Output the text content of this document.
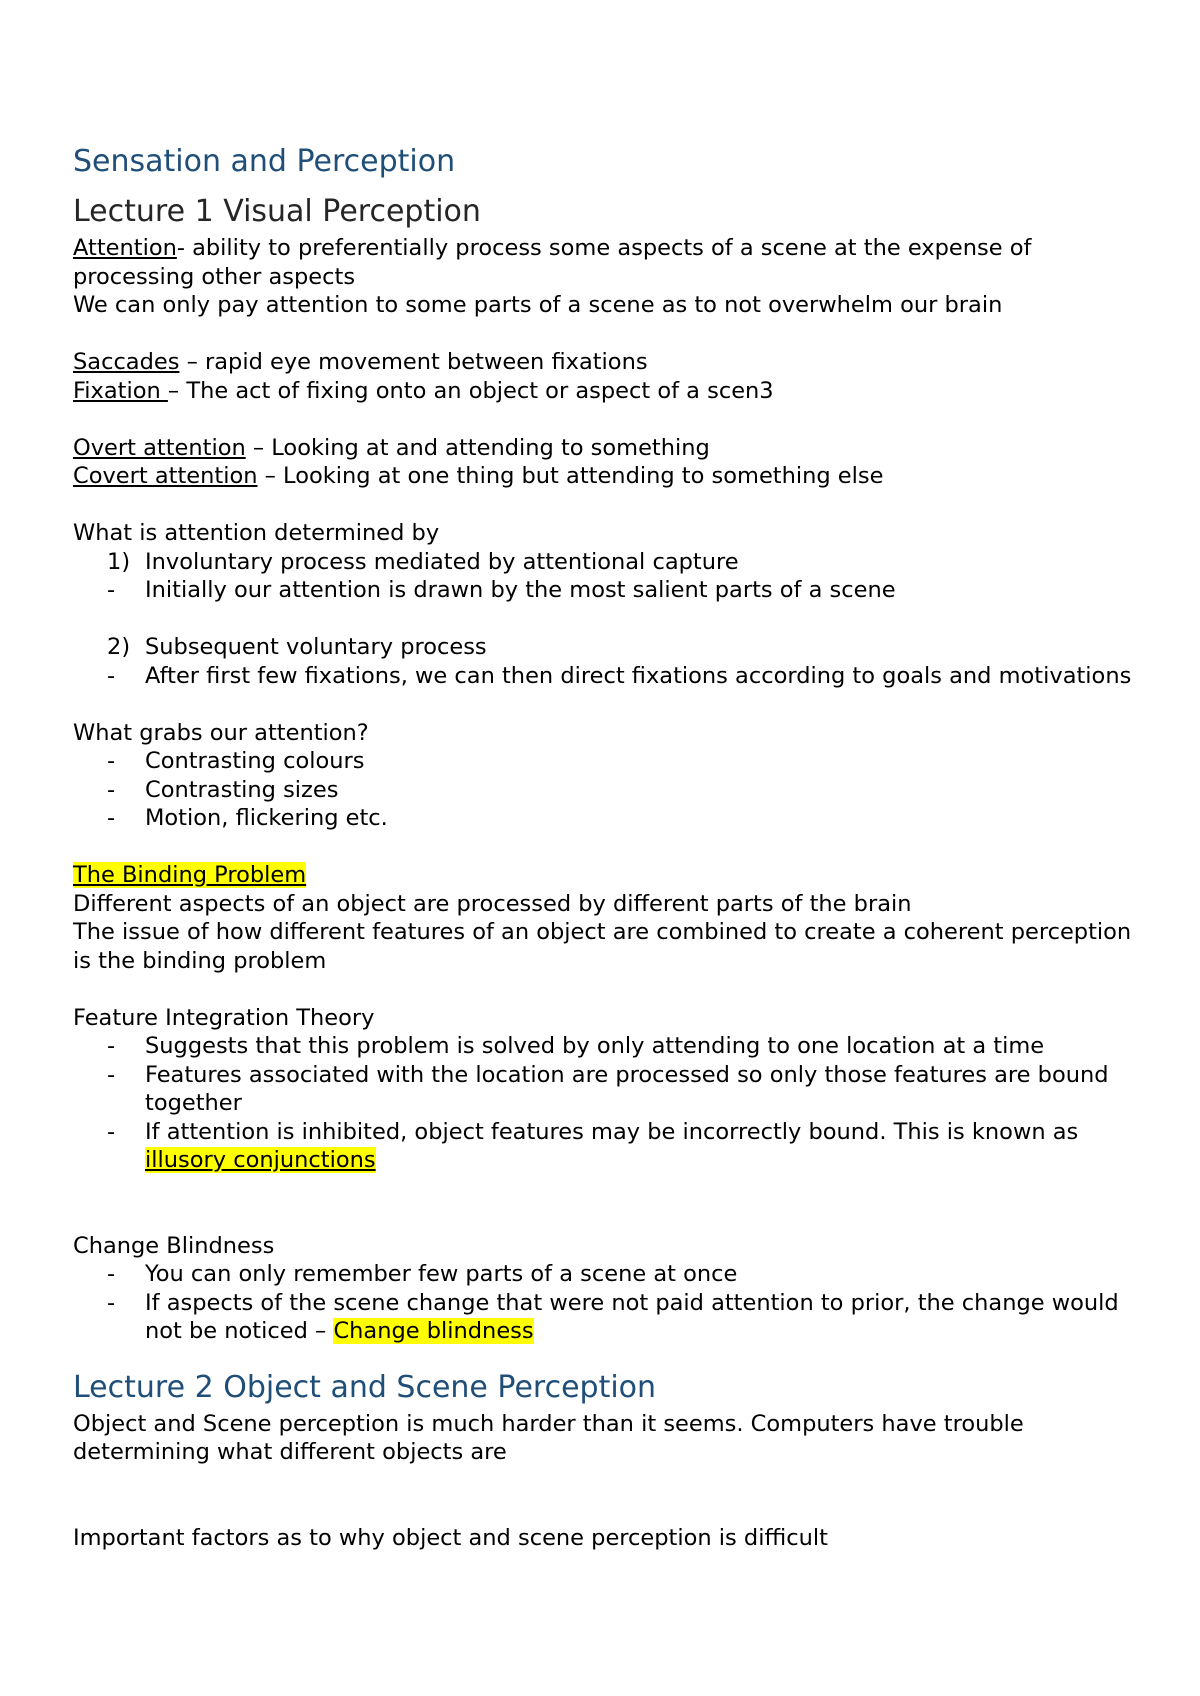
Sensation and Perception
Lecture 1 Visual Perception

Attention- ability to preferentially process some aspects of a scene at the expense of processing other aspects

We can only pay attention to some parts of a scene as to not overwhelm our brain

Saccades – rapid eye movement between fixations

Fixation – The act of fixing onto an object or aspect of a scen3

Overt attention – Looking at and attending to something

Covert attention – Looking at one thing but attending to something else

What is attention determined by

1) Involuntary process mediated by attentional capture
-	Initially our attention is drawn by the most salient parts of a scene
2) Subsequent voluntary process
-	After first few fixations, we can then direct fixations according to goals and motivations

What grabs our attention?

-	Contrasting colours
-	Contrasting sizes
-	Motion, flickering etc.

The Binding Problem

Different aspects of an object are processed by different parts of the brain

The issue of how different features of an object are combined to create a coherent perception is the binding problem

Feature Integration Theory

-	Suggests that this problem is solved by only attending to one location at a time
-	Features associated with the location are processed so only those features are bound together
-	If attention is inhibited, object features may be incorrectly bound. This is known as illusory conjunctions

Change Blindness

-	You can only remember few parts of a scene at once
-	If aspects of the scene change that were not paid attention to prior, the change would not be noticed – Change blindness
Lecture 2 Object and Scene Perception

Object and Scene perception is much harder than it seems. Computers have trouble determining what different objects are

Important factors as to why object and scene perception is difficult
